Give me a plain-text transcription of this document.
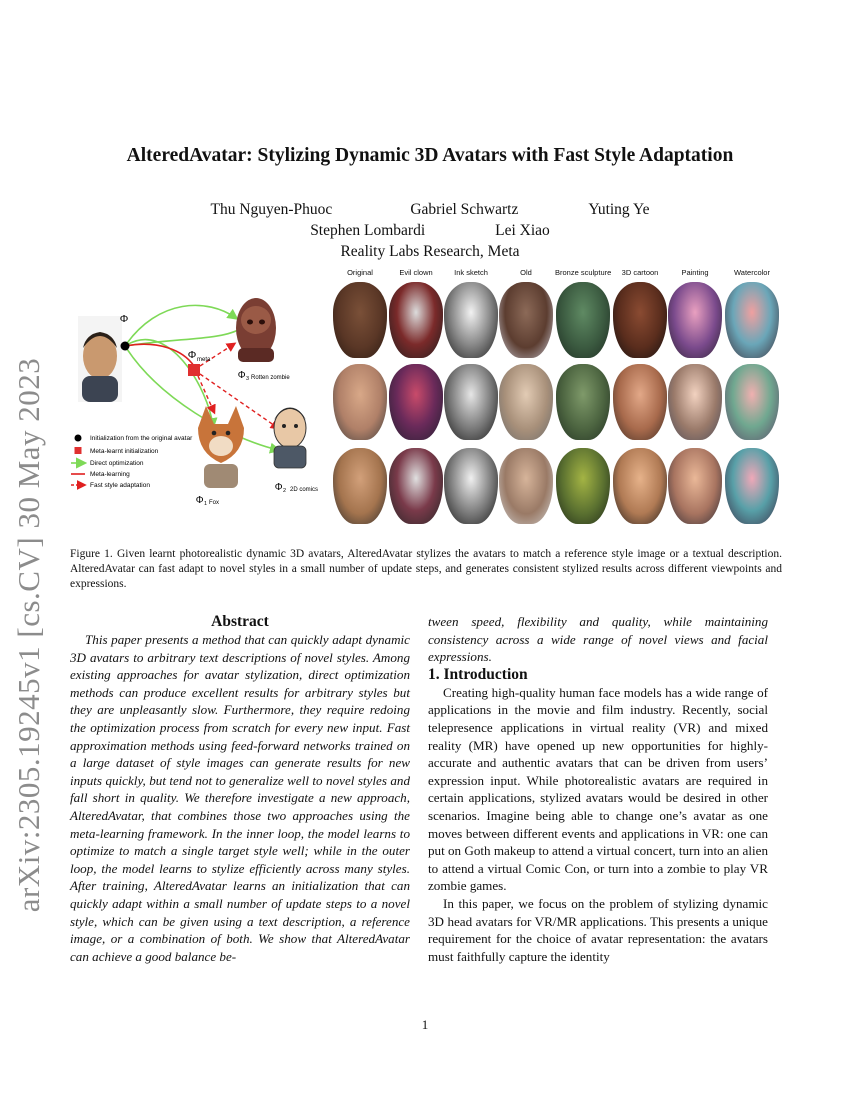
arXiv:2305.19245v1 [cs.CV] 30 May 2023
AlteredAvatar: Stylizing Dynamic 3D Avatars with Fast Style Adaptation
Thu Nguyen-Phuoc	Gabriel Schwartz	Yuting Ye
Stephen Lombardi	Lei Xiao
Reality Labs Research, Meta
Φ
Φ meta
Φ 3 Rotten zombie
Φ 1 Fox
Φ 2 2D comics
Initialization from the original avatar
Meta-learnt initialization
Direct optimization
Meta-learning
Fast style adaptation
Original	Evil clown	Ink sketch	Old	Bronze sculpture	3D cartoon	Painting	Watercolor
Figure 1. Given learnt photorealistic dynamic 3D avatars, AlteredAvatar stylizes the avatars to match a reference style image or a textual description. AlteredAvatar can fast adapt to novel styles in a small number of update steps, and generates consistent stylized results across different viewpoints and expressions.
Abstract

This paper presents a method that can quickly adapt dynamic 3D avatars to arbitrary text descriptions of novel styles. Among existing approaches for avatar stylization, direct optimization methods can produce excellent results for arbitrary styles but they are unpleasantly slow. Furthermore, they require redoing the optimization process from scratch for every new input. Fast approximation methods using feed-forward networks trained on a large dataset of style images can generate results for new inputs quickly, but tend not to generalize well to novel styles and fall short in quality. We therefore investigate a new approach, AlteredAvatar, that combines those two approaches using the meta-learning framework. In the inner loop, the model learns to optimize to match a single target style well; while in the outer loop, the model learns to stylize efficiently across many styles. After training, AlteredAvatar learns an initialization that can quickly adapt within a small number of update steps to a novel style, which can be given using a text description, a reference image, or a combination of both. We show that AlteredAvatar can achieve a good balance be-

tween speed, flexibility and quality, while maintaining consistency across a wide range of novel views and facial expressions.

1. Introduction

Creating high-quality human face models has a wide range of applications in the movie and film industry. Recently, social telepresence applications in virtual reality (VR) and mixed reality (MR) have opened up new opportunities for highly-accurate and authentic avatars that can be driven from users’ expression input. While photorealistic avatars are required in certain applications, stylized avatars would be desired in other scenarios. Imagine being able to change one’s avatar as one moves between different events and applications in VR: one can put on Goth makeup to attend a virtual concert, turn into an alien to attend a virtual Comic Con, or turn into a zombie to play VR zombie games.

In this paper, we focus on the problem of stylizing dynamic 3D head avatars for VR/MR applications. This presents a unique requirement for the choice of avatar representation: the avatars must faithfully capture the identity

1
